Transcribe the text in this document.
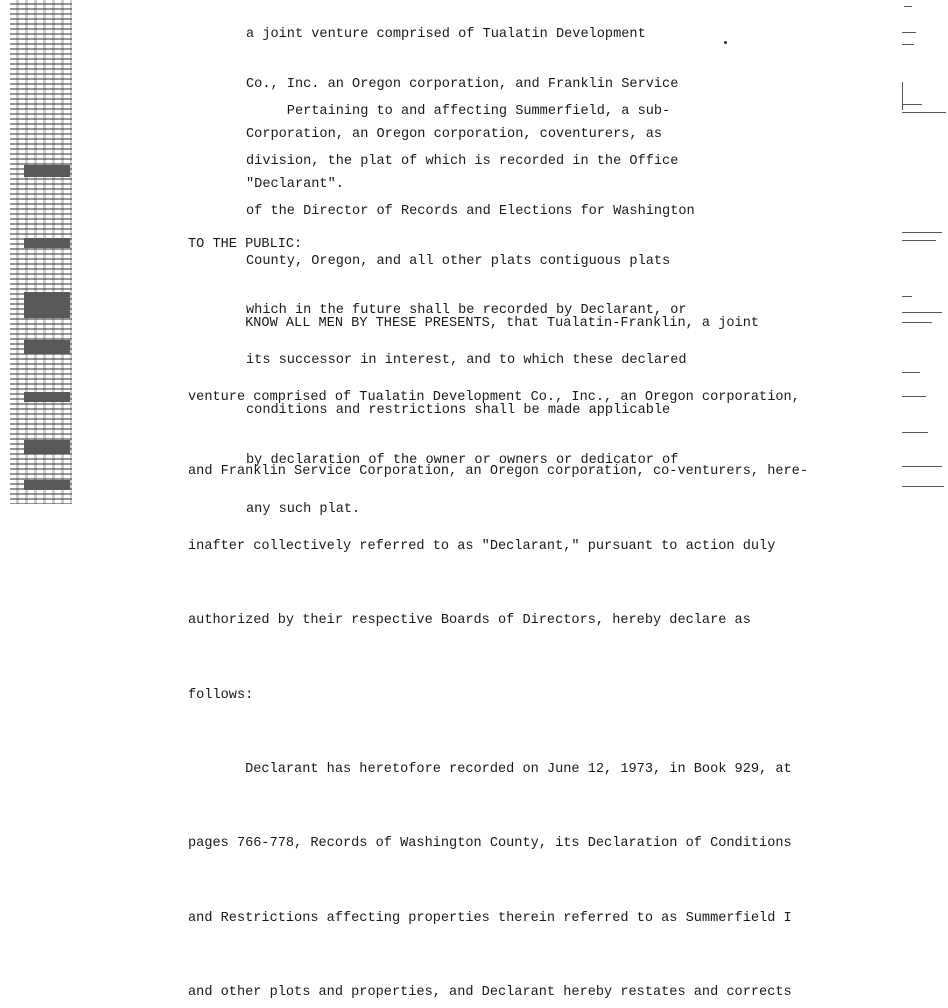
a joint venture comprised of Tualatin Development

Co., Inc. an Oregon corporation, and Franklin Service

Corporation, an Oregon corporation, coventurers, as

"Declarant".

Pertaining to and affecting Summerfield, a sub-

division, the plat of which is recorded in the Office

of the Director of Records and Elections for Washington

County, Oregon, and all other plats contiguous plats

which in the future shall be recorded by Declarant, or

its successor in interest, and to which these declared

conditions and restrictions shall be made applicable

by declaration of the owner or owners or dedicator of

any such plat.

TO THE PUBLIC:

KNOW ALL MEN BY THESE PRESENTS, that Tualatin-Franklin, a joint

venture comprised of Tualatin Development Co., Inc., an Oregon corporation,

and Franklin Service Corporation, an Oregon corporation, co-venturers, here-

inafter collectively referred to as "Declarant," pursuant to action duly

authorized by their respective Boards of Directors, hereby declare as

follows:

Declarant has heretofore recorded on June 12, 1973, in Book 929, at

pages 766-778, Records of Washington County, its Declaration of Conditions

and Restrictions affecting properties therein referred to as Summerfield I

and other plots and properties, and Declarant hereby restates and corrects
